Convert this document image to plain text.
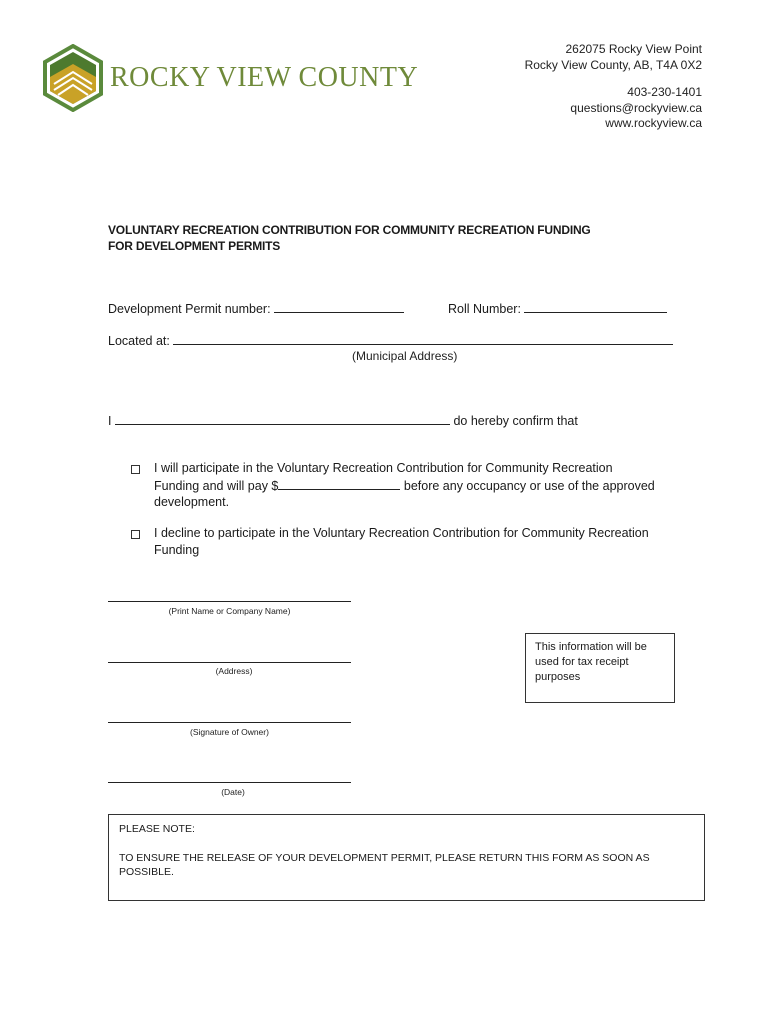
ROCKY VIEW COUNTY
262075 Rocky View Point
Rocky View County, AB, T4A 0X2
403-230-1401
questions@rockyview.ca
www.rockyview.ca
VOLUNTARY RECREATION CONTRIBUTION FOR COMMUNITY RECREATION FUNDING
FOR DEVELOPMENT PERMITS
Development Permit number:	Roll Number:
Located at:
(Municipal Address)
I	do hereby confirm that
I will participate in the Voluntary Recreation Contribution for Community Recreation
Funding and will pay $	before any occupancy or use of the approved
development.
I decline to participate in the Voluntary Recreation Contribution for Community Recreation
Funding
(Print Name or Company Name)
(Address)
(Signature of Owner)
(Date)
This information will be used for tax receipt purposes
PLEASE NOTE:
TO ENSURE THE RELEASE OF YOUR DEVELOPMENT PERMIT, PLEASE RETURN THIS FORM AS SOON AS POSSIBLE.
